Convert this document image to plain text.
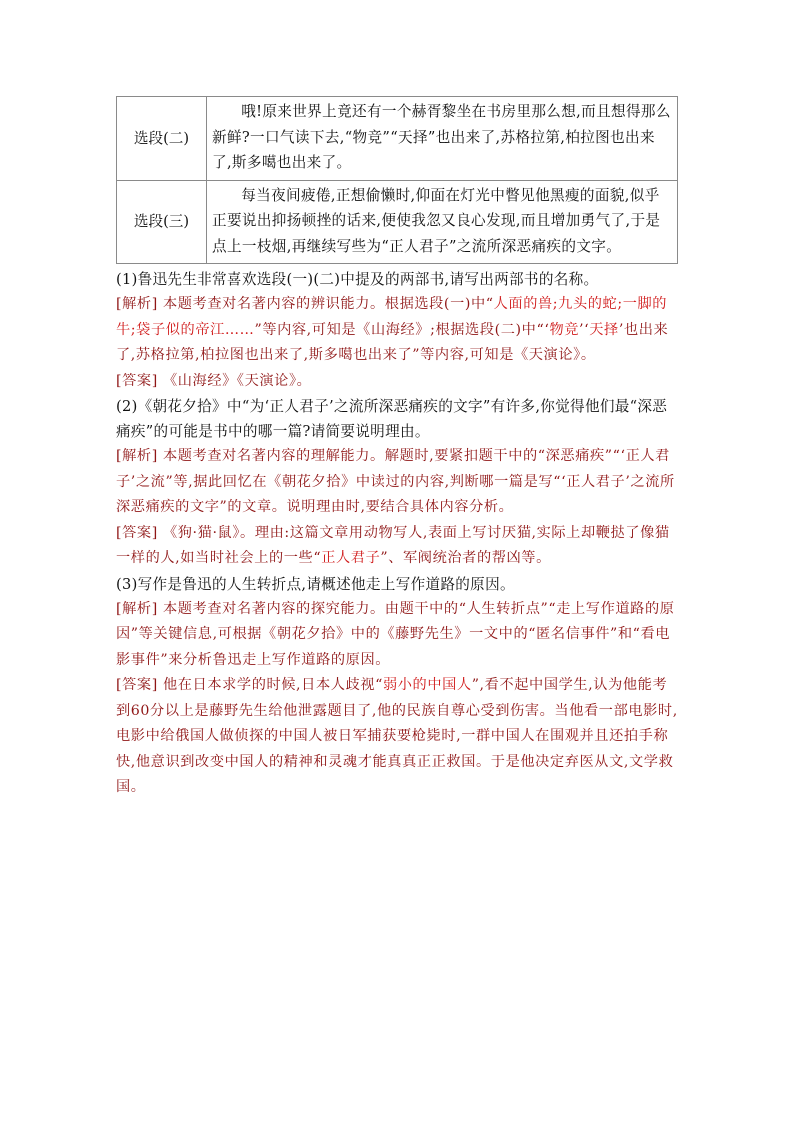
选段(二)	哦!原来世界上竟还有一个赫胥黎坐在书房里那么想,而且想得那么新鲜?一口气读下去,“物竞”“天择”也出来了,苏格拉第,柏拉图也出来了,斯多噶也出来了。
选段(三)	每当夜间疲倦,正想偷懒时,仰面在灯光中瞥见他黑瘦的面貌,似乎正要说出抑扬顿挫的话来,便使我忽又良心发现,而且增加勇气了,于是点上一枝烟,再继续写些为“正人君子”之流所深恶痛疾的文字。

(1)鲁迅先生非常喜欢选段(一)(二)中提及的两部书,请写出两部书的名称。

[解析] 本题考查对名著内容的辨识能力。根据选段(一)中“人面的兽;九头的蛇;一脚的牛;袋子似的帝江……”等内容,可知是《山海经》;根据选段(二)中“‘物竞’‘天择’也出来了,苏格拉第,柏拉图也出来了,斯多噶也出来了”等内容,可知是《天演论》。

[答案] 《山海经》《天演论》。

(2)《朝花夕拾》中“为‘正人君子’之流所深恶痛疾的文字”有许多,你觉得他们最“深恶痛疾”的可能是书中的哪一篇?请简要说明理由。

[解析] 本题考查对名著内容的理解能力。解题时,要紧扣题干中的“深恶痛疾”“‘正人君子’之流”等,据此回忆在《朝花夕拾》中读过的内容,判断哪一篇是写“‘正人君子’之流所深恶痛疾的文字”的文章。说明理由时,要结合具体内容分析。

[答案] 《狗·猫·鼠》。理由:这篇文章用动物写人,表面上写讨厌猫,实际上却鞭挞了像猫一样的人,如当时社会上的一些“正人君子”、军阀统治者的帮凶等。

(3)写作是鲁迅的人生转折点,请概述他走上写作道路的原因。

[解析] 本题考查对名著内容的探究能力。由题干中的“人生转折点”“走上写作道路的原因”等关键信息,可根据《朝花夕拾》中的《藤野先生》一文中的“匿名信事件”和“看电影事件”来分析鲁迅走上写作道路的原因。

[答案] 他在日本求学的时候,日本人歧视“弱小的中国人”,看不起中国学生,认为他能考到60分以上是藤野先生给他泄露题目了,他的民族自尊心受到伤害。当他看一部电影时,电影中给俄国人做侦探的中国人被日军捕获要枪毙时,一群中国人在围观并且还拍手称快,他意识到改变中国人的精神和灵魂才能真真正正救国。于是他决定弃医从文,文学救国。
